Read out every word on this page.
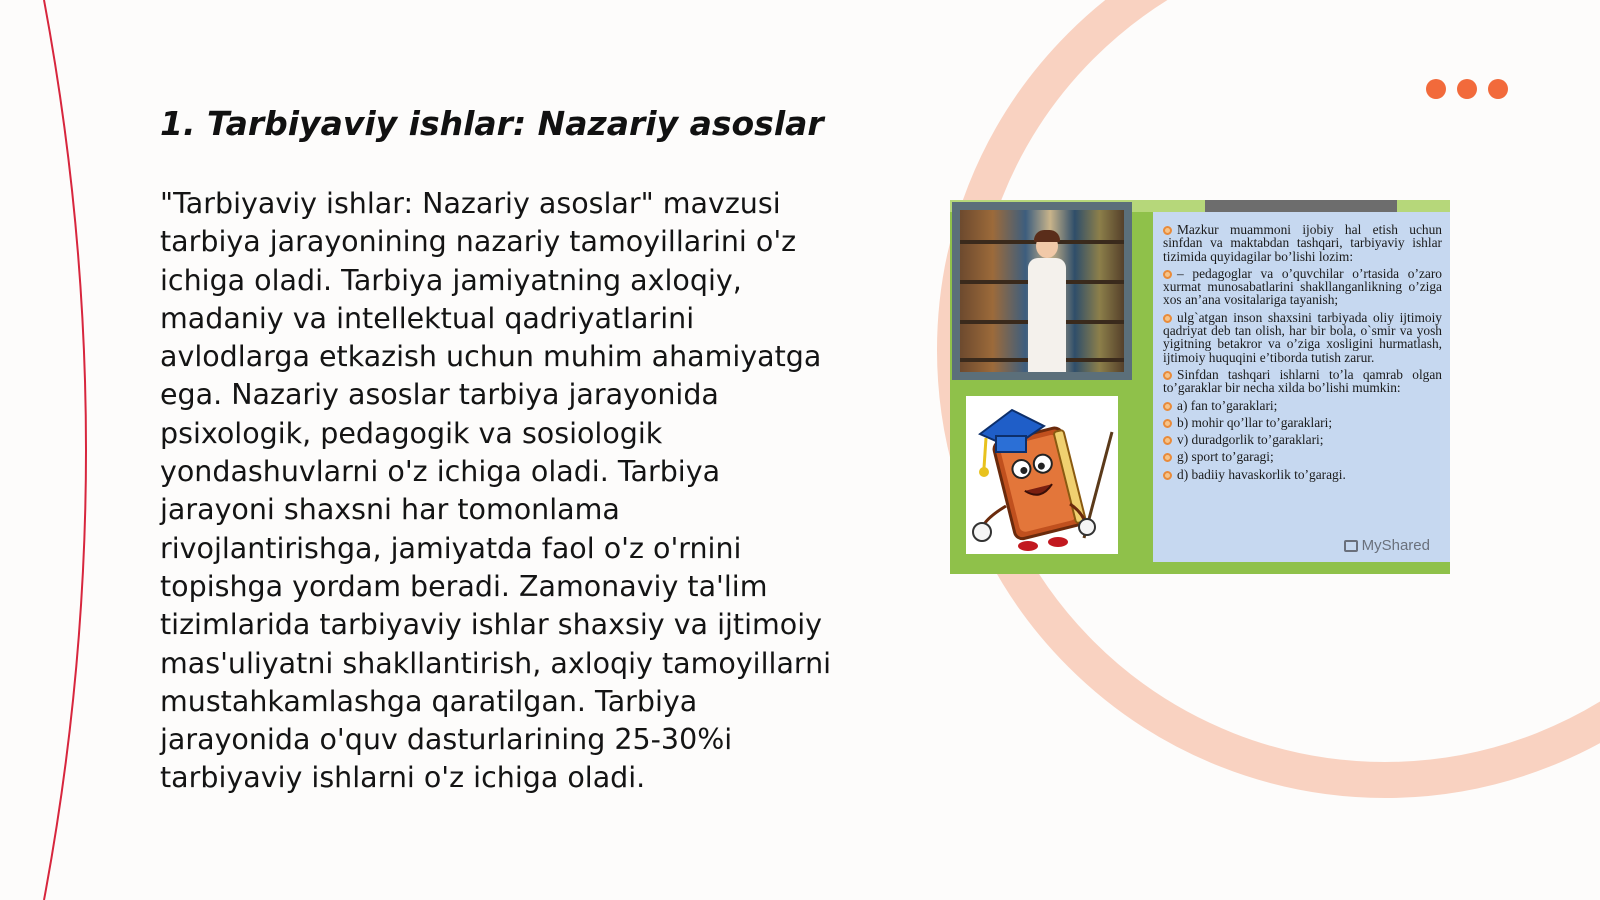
1. Tarbiyaviy ishlar: Nazariy asoslar

"Tarbiyaviy ishlar: Nazariy asoslar" mavzusi tarbiya jarayonining nazariy tamoyillarini o'z ichiga oladi. Tarbiya jamiyatning axloqiy, madaniy va intellektual qadriyatlarini avlodlarga etkazish uchun muhim ahamiyatga ega. Nazariy asoslar tarbiya jarayonida psixologik, pedagogik va sosiologik yondashuvlarni o'z ichiga oladi. Tarbiya jarayoni shaxsni har tomonlama rivojlantirishga, jamiyatda faol o'z o'rnini topishga yordam beradi. Zamonaviy ta'lim tizimlarida tarbiyaviy ishlar shaxsiy va ijtimoiy mas'uliyatni shakllantirish, axloqiy tamoyillarni mustahkamlashga qaratilgan. Tarbiya jarayonida o'quv dasturlarining 25-30%i tarbiyaviy ishlarni o'z ichiga oladi.

Mazkur muammoni ijobiy hal etish uchun sinfdan va maktabdan tashqari, tarbiyaviy ishlar tizimida quyidagilar bo’lishi lozim:
– pedagoglar va o’quvchilar o’rtasida o’zaro xurmat munosabatlarini shakllanganlikning o’ziga xos an’ana vositalariga tayanish;
ulg`atgan inson shaxsini tarbiyada oliy ijtimoiy qadriyat deb tan olish, har bir bola, o`smir va yosh yigitning betakror va o’ziga xosligini hurmatlash, ijtimoiy huquqini e’tiborda tutish zarur.
Sinfdan tashqari ishlarni to’la qamrab olgan to’garaklar bir necha xilda bo’lishi mumkin:
a) fan to’garaklari;
b) mohir qo’llar to’garaklari;
v) duradgorlik to’garaklari;
g) sport to’garagi;
d) badiiy havaskorlik to’garagi.
MyShared
